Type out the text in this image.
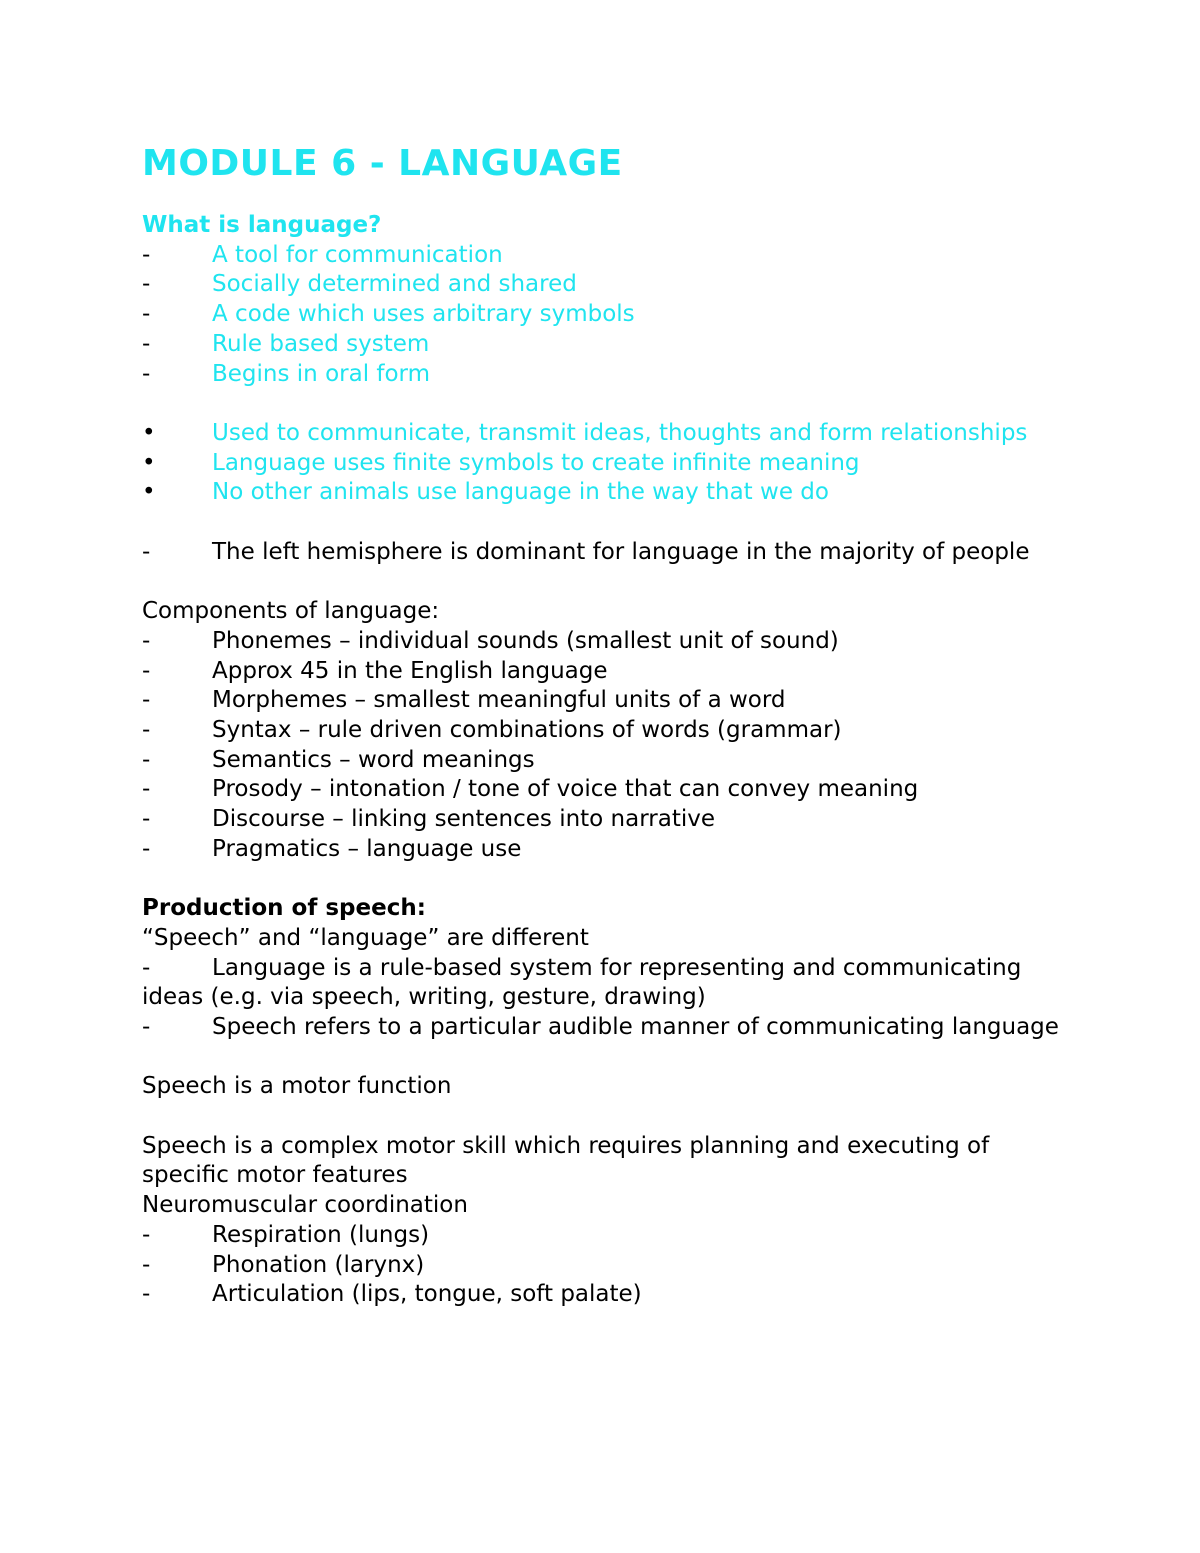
MODULE 6 - LANGUAGE
What is language?
-	A tool for communication
-	Socially determined and shared
-	A code which uses arbitrary symbols
-	Rule based system
-	Begins in oral form
• Used to communicate, transmit ideas, thoughts and form relationships
• Language uses finite symbols to create infinite meaning
• No other animals use language in the way that we do
-	The left hemisphere is dominant for language in the majority of people
Components of language:
-	Phonemes – individual sounds (smallest unit of sound)
-	Approx 45 in the English language
-	Morphemes – smallest meaningful units of a word
-	Syntax – rule driven combinations of words (grammar)
-	Semantics – word meanings
-	Prosody – intonation / tone of voice that can convey meaning
-	Discourse – linking sentences into narrative
-	Pragmatics – language use
Production of speech:
“Speech” and “language” are different
-	Language is a rule-based system for representing and communicating ideas (e.g. via speech, writing, gesture, drawing)
-	Speech refers to a particular audible manner of communicating language
Speech is a motor function
Speech is a complex motor skill which requires planning and executing of specific motor features
Neuromuscular coordination
-	Respiration (lungs)
-	Phonation (larynx)
-	Articulation (lips, tongue, soft palate)
